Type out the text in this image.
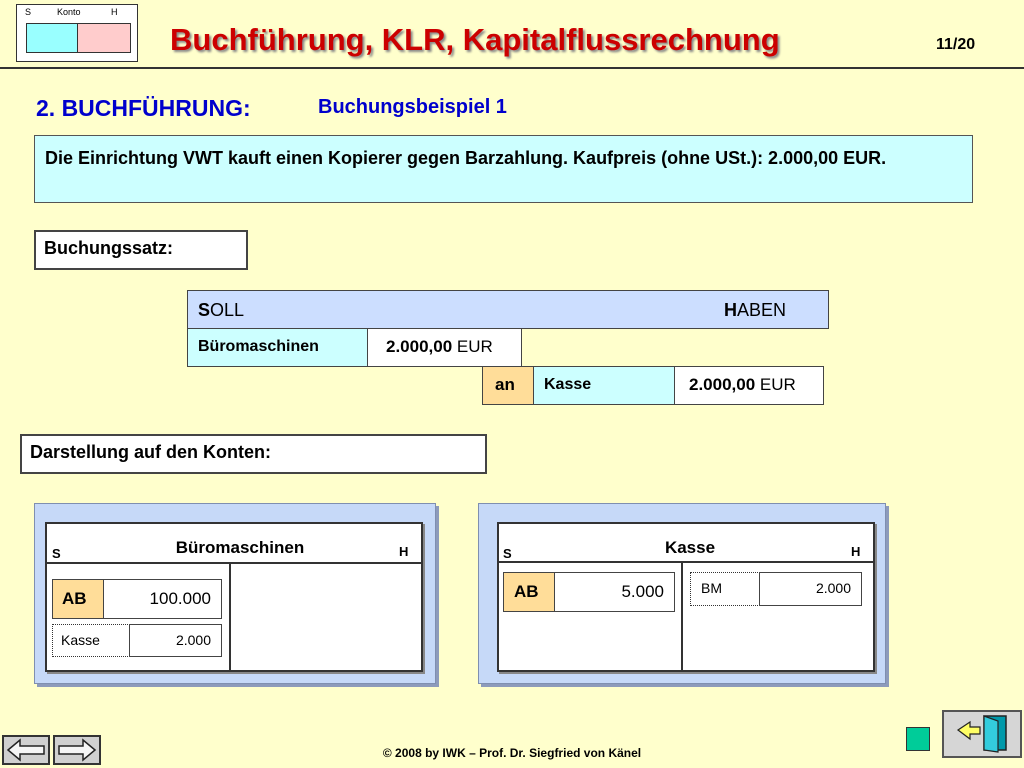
S	Konto	H
Buchführung, KLR, Kapitalflussrechnung	11/20
2. BUCHFÜHRUNG:	Buchungsbeispiel 1
Die Einrichtung VWT kauft einen Kopierer gegen Barzahlung. Kaufpreis (ohne USt.): 2.000,00 EUR.
Buchungssatz:
SOLL	HABEN
Büromaschinen	2.000,00 EUR
an	Kasse	2.000,00 EUR
Darstellung auf den Konten:
Büromaschinen
S	H
AB	100.000
Kasse	2.000
Kasse
S	H
AB	5.000	BM	2.000
© 2008 by IWK – Prof. Dr. Siegfried von Känel
